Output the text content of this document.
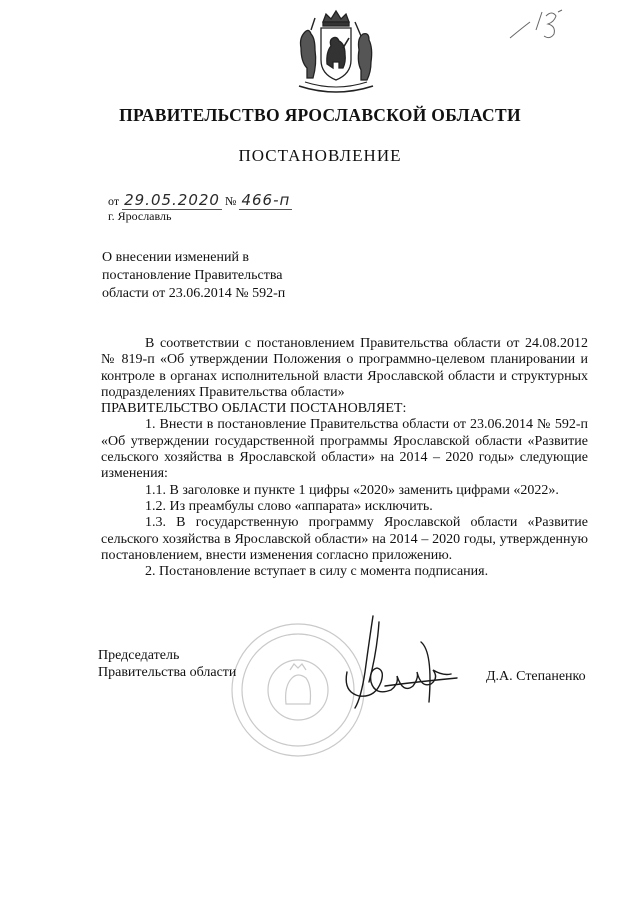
ПРАВИТЕЛЬСТВО ЯРОСЛАВСКОЙ ОБЛАСТИ
ПОСТАНОВЛЕНИЕ
от 29.05.2020 № 466-п
г. Ярославль
О внесении изменений в
постановление Правительства
области от 23.06.2014 № 592-п

В соответствии с постановлением Правительства области от 24.08.2012 № 819-п «Об утверждении Положения о программно-целевом планировании и контроле в органах исполнительной власти Ярославской области и структурных подразделениях Правительства области»

ПРАВИТЕЛЬСТВО ОБЛАСТИ ПОСТАНОВЛЯЕТ:

1. Внести в постановление Правительства области от 23.06.2014 № 592-п «Об утверждении государственной программы Ярославской области «Развитие сельского хозяйства в Ярославской области» на 2014 – 2020 годы» следующие изменения:

1.1. В заголовке и пункте 1 цифры «2020» заменить цифрами «2022».

1.2. Из преамбулы слово «аппарата» исключить.

1.3. В государственную программу Ярославской области «Развитие сельского хозяйства в Ярославской области» на 2014 – 2020 годы, утвержденную постановлением, внести изменения согласно приложению.

2. Постановление вступает в силу с момента подписания.

Председатель
Правительства области	Д.А. Степаненко
